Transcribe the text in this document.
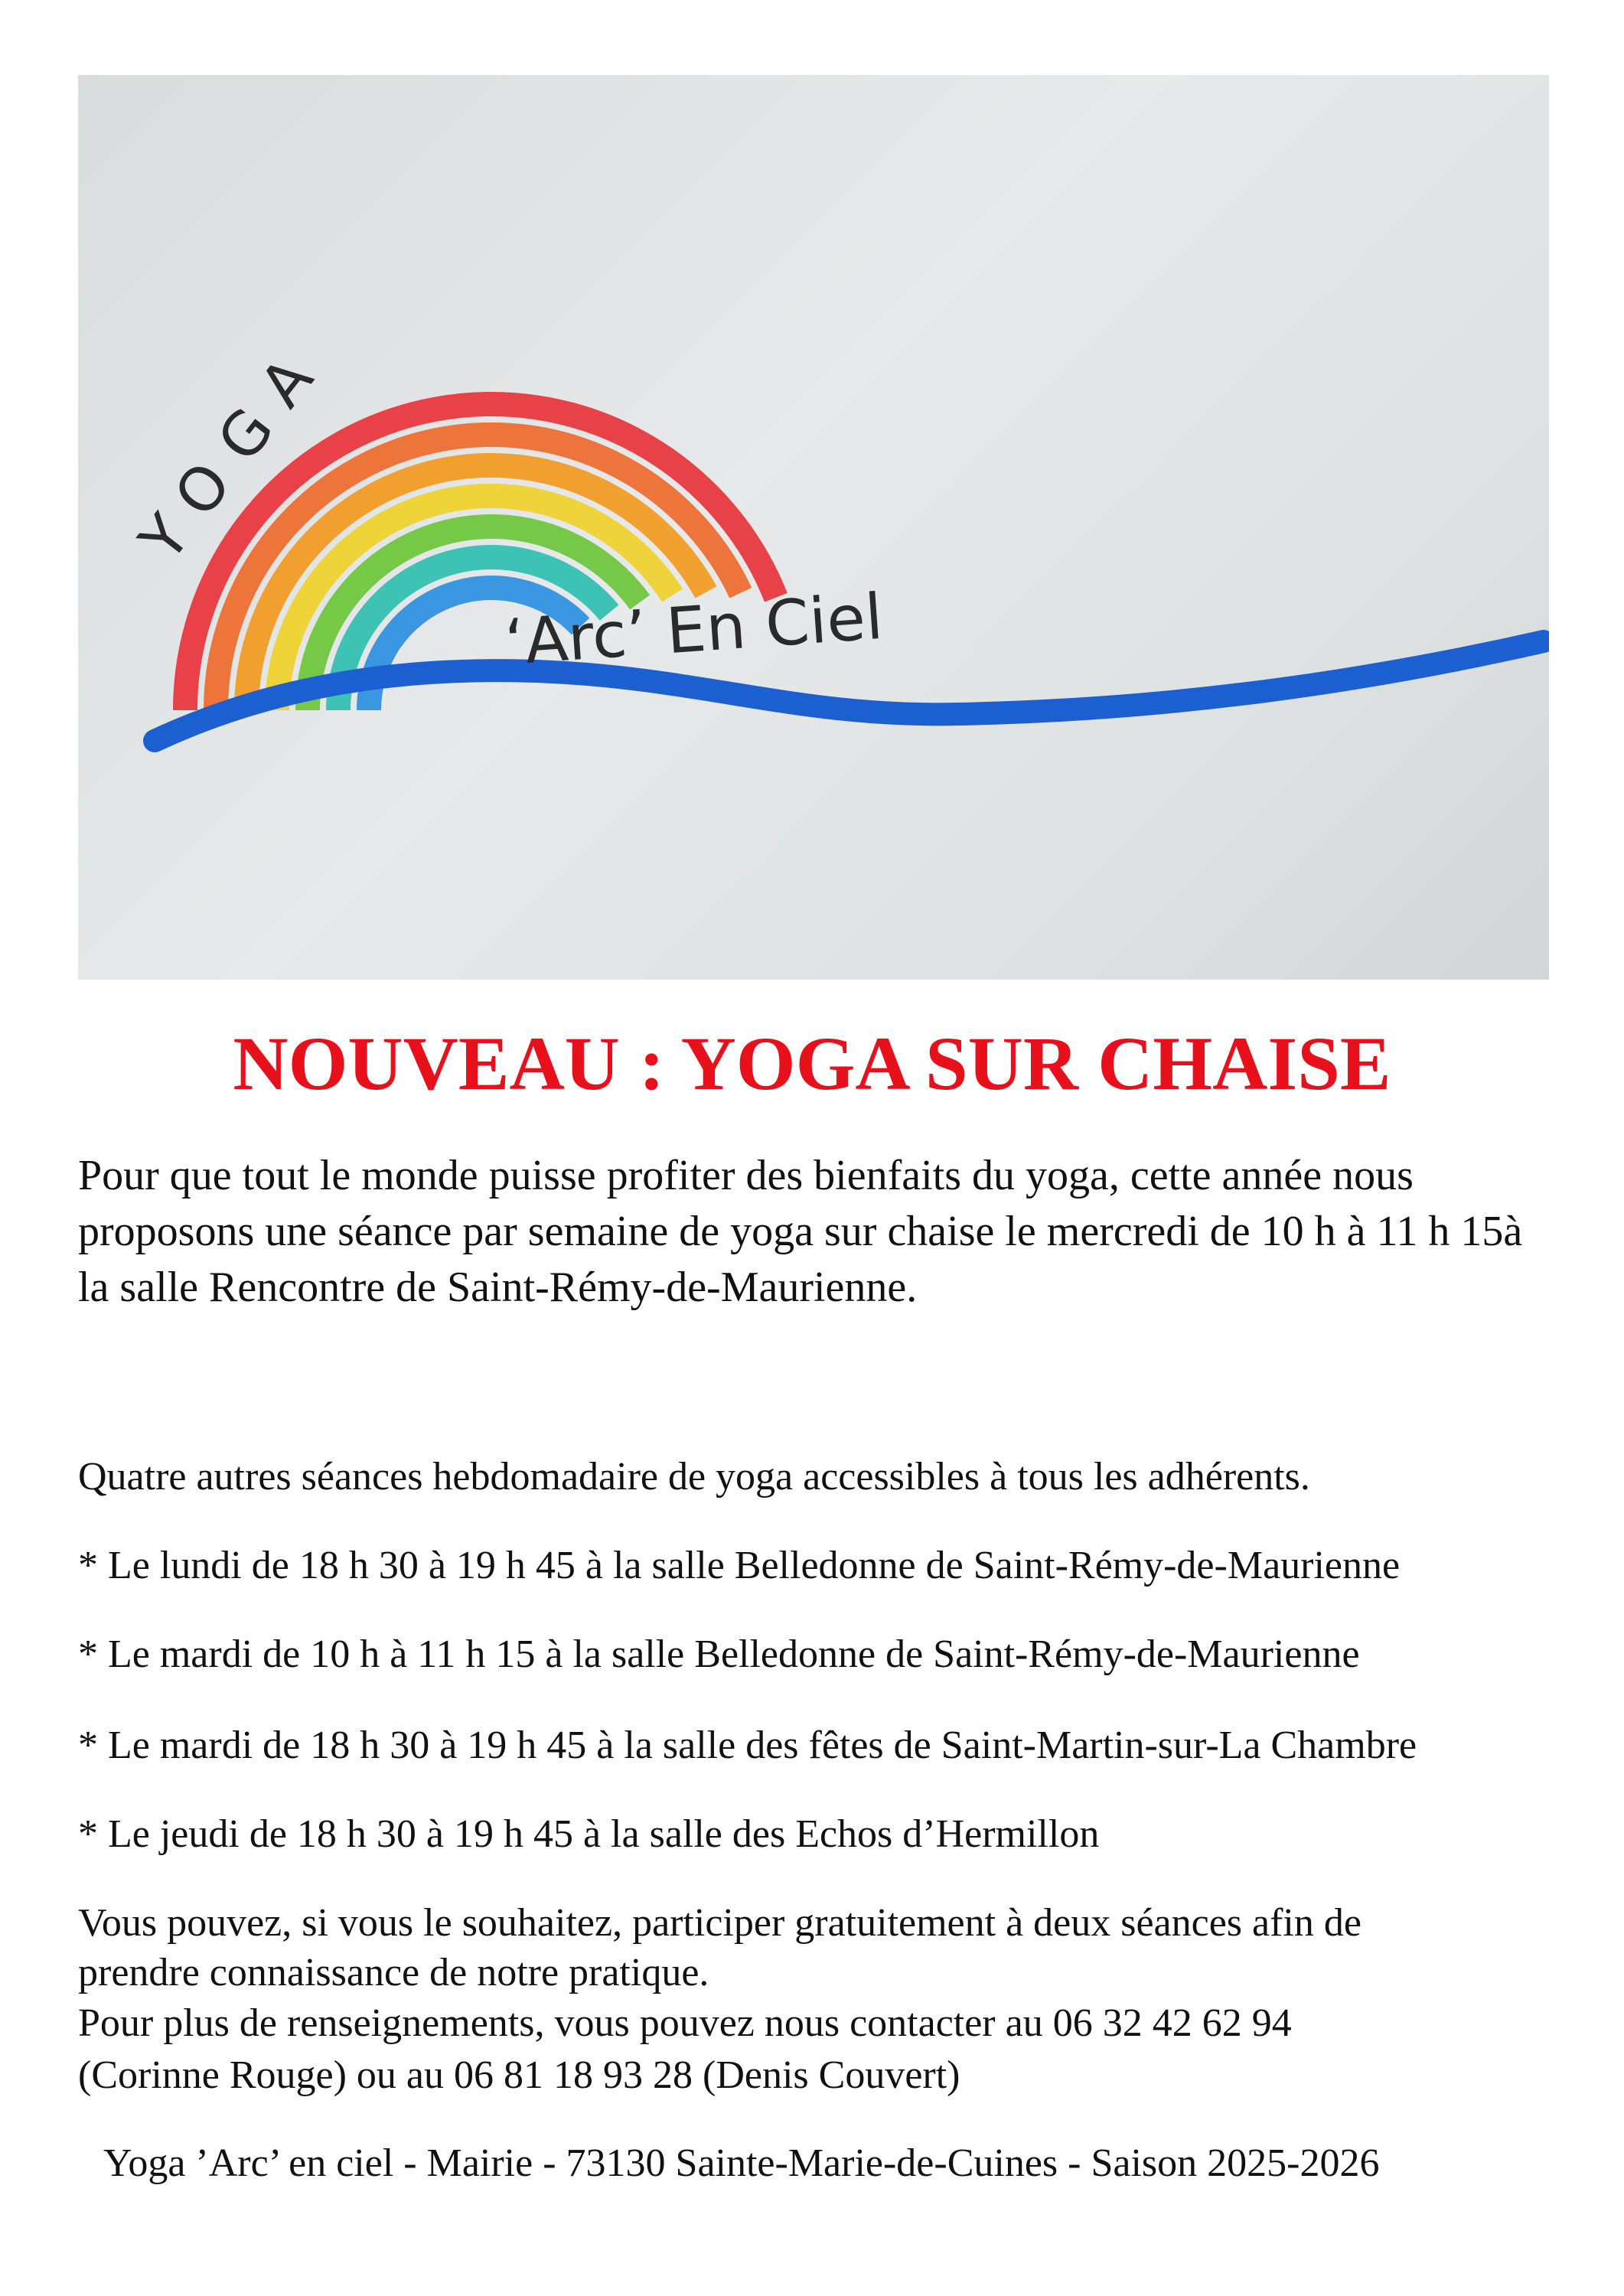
YOGA
‘Arc’ En Ciel
NOUVEAU : YOGA SUR CHAISE

Pour que tout le monde puisse profiter des bienfaits du yoga, cette année nous proposons une séance par semaine de yoga sur chaise le mercredi de 10 h à 11 h 15à la salle Rencontre de Saint-Rémy-de-Maurienne.

Quatre autres séances hebdomadaire de yoga accessibles à tous les adhérents.

* Le lundi de 18 h 30 à 19 h 45 à la salle Belledonne de Saint-Rémy-de-Maurienne

* Le mardi de 10 h à 11 h 15 à la salle Belledonne de Saint-Rémy-de-Maurienne

* Le mardi de 18 h 30 à 19 h 45 à la salle des fêtes de Saint-Martin-sur-La Chambre

* Le jeudi de 18 h 30 à 19 h 45 à la salle des Echos d’Hermillon

Vous pouvez, si vous le souhaitez, participer gratuitement à deux séances afin de

prendre connaissance de notre pratique.

Pour plus de renseignements, vous pouvez nous contacter au 06 32 42 62 94

(Corinne Rouge) ou au 06 81 18 93 28 (Denis Couvert)

Yoga ’Arc’ en ciel - Mairie - 73130 Sainte-Marie-de-Cuines - Saison 2025-2026
